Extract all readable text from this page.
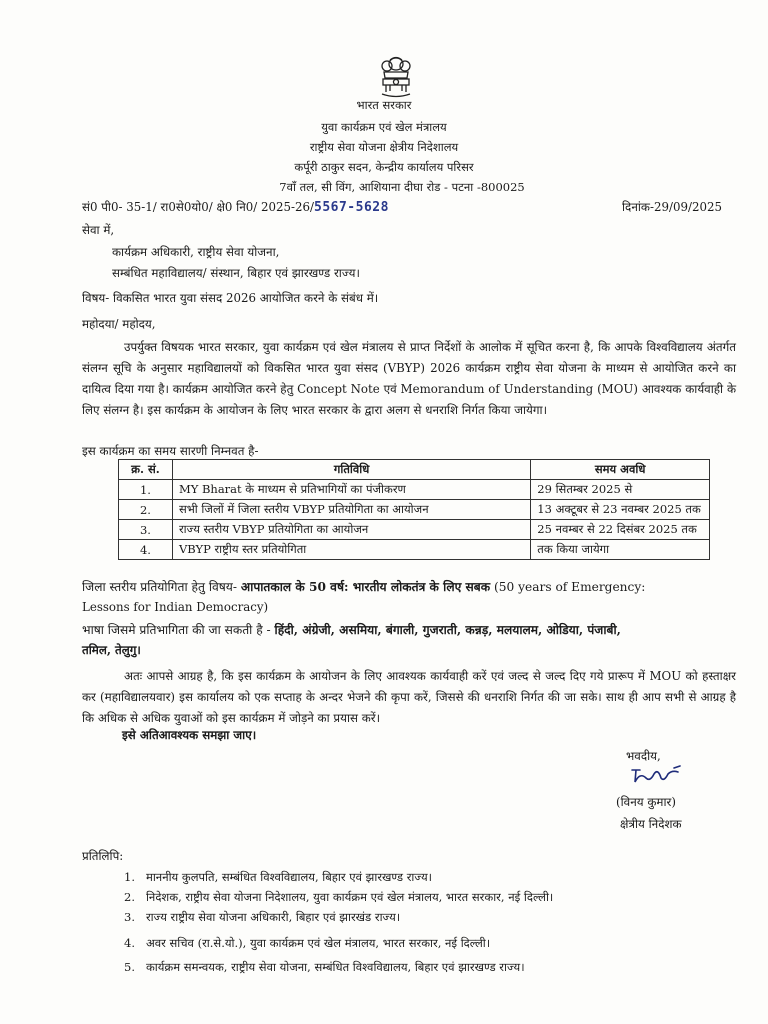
भारत सरकार
युवा कार्यक्रम एवं खेल मंत्रालय
राष्ट्रीय सेवा योजना क्षेत्रीय निदेशालय
कर्पूरी ठाकुर सदन, केन्द्रीय कार्यालय परिसर
7वाँ तल, सी विंग, आशियाना दीघा रोड - पटना -800025
सं0 पी0- 35-1/ रा0से0यो0/ क्षे0 नि0/ 2025-26/5567-5628	दिनांक-29/09/2025
सेवा में,
कार्यक्रम अधिकारी, राष्ट्रीय सेवा योजना,
सम्बंधित महाविद्यालय/ संस्थान, बिहार एवं झारखण्ड राज्य।
विषय- विकसित भारत युवा संसद 2026 आयोजित करने के संबंध में।
महोदया/ महोदय,
उपर्युक्त विषयक भारत सरकार, युवा कार्यक्रम एवं खेल मंत्रालय से प्राप्त निर्देशों के आलोक में सूचित करना है, कि आपके विश्वविद्यालय अंतर्गत संलग्न सूचि के अनुसार महाविद्यालयों को विकसित भारत युवा संसद (VBYP) 2026 कार्यक्रम राष्ट्रीय सेवा योजना के माध्यम से आयोजित करने का दायित्व दिया गया है। कार्यक्रम आयोजित करने हेतु Concept Note एवं Memorandum of Understanding (MOU) आवश्यक कार्यवाही के लिए संलग्न है। इस कार्यक्रम के आयोजन के लिए भारत सरकार के द्वारा अलग से धनराशि निर्गत किया जायेगा।
इस कार्यक्रम का समय सारणी निम्नवत है-
क्र. सं.	गतिविधि	समय अवधि
1.	MY Bharat के माध्यम से प्रतिभागियों का पंजीकरण	29 सितम्बर 2025 से
2.	सभी जिलों में जिला स्तरीय VBYP प्रतियोगिता का आयोजन	13 अक्टूबर से 23 नवम्बर 2025 तक
3.	राज्य स्तरीय VBYP प्रतियोगिता का आयोजन	25 नवम्बर से 22 दिसंबर 2025 तक
4.	VBYP राष्ट्रीय स्तर प्रतियोगिता	तक किया जायेगा
जिला स्तरीय प्रतियोगिता हेतु विषय- आपातकाल के 50 वर्ष: भारतीय लोकतंत्र के लिए सबक (50 years of Emergency:
Lessons for Indian Democracy)
भाषा जिसमे प्रतिभागिता की जा सकती है - हिंदी, अंग्रेजी, असमिया, बंगाली, गुजराती, कन्नड़, मलयालम, ओडिया, पंजाबी,
तमिल, तेलुगु।
अतः आपसे आग्रह है, कि इस कार्यक्रम के आयोजन के लिए आवश्यक कार्यवाही करें एवं जल्द से जल्द दिए गये प्रारूप में MOU को हस्ताक्षर कर (महाविद्यालयवार) इस कार्यालय को एक सप्ताह के अन्दर भेजने की कृपा करें, जिससे की धनराशि निर्गत की जा सके। साथ ही आप सभी से आग्रह है कि अधिक से अधिक युवाओं को इस कार्यक्रम में जोड़ने का प्रयास करें।
इसे अतिआवश्यक समझा जाए।
भवदीय,
(विनय कुमार)
क्षेत्रीय निदेशक
प्रतिलिपि:
1. माननीय कुलपति, सम्बंधित विश्वविद्यालय, बिहार एवं झारखण्ड राज्य।
2. निदेशक, राष्ट्रीय सेवा योजना निदेशालय, युवा कार्यक्रम एवं खेल मंत्रालय, भारत सरकार, नई दिल्ली।
3. राज्य राष्ट्रीय सेवा योजना अधिकारी, बिहार एवं झारखंड राज्य।
4. अवर सचिव (रा.से.यो.), युवा कार्यक्रम एवं खेल मंत्रालय, भारत सरकार, नई दिल्ली।
5. कार्यक्रम समन्वयक, राष्ट्रीय सेवा योजना, सम्बंधित विश्वविद्यालय, बिहार एवं झारखण्ड राज्य।
